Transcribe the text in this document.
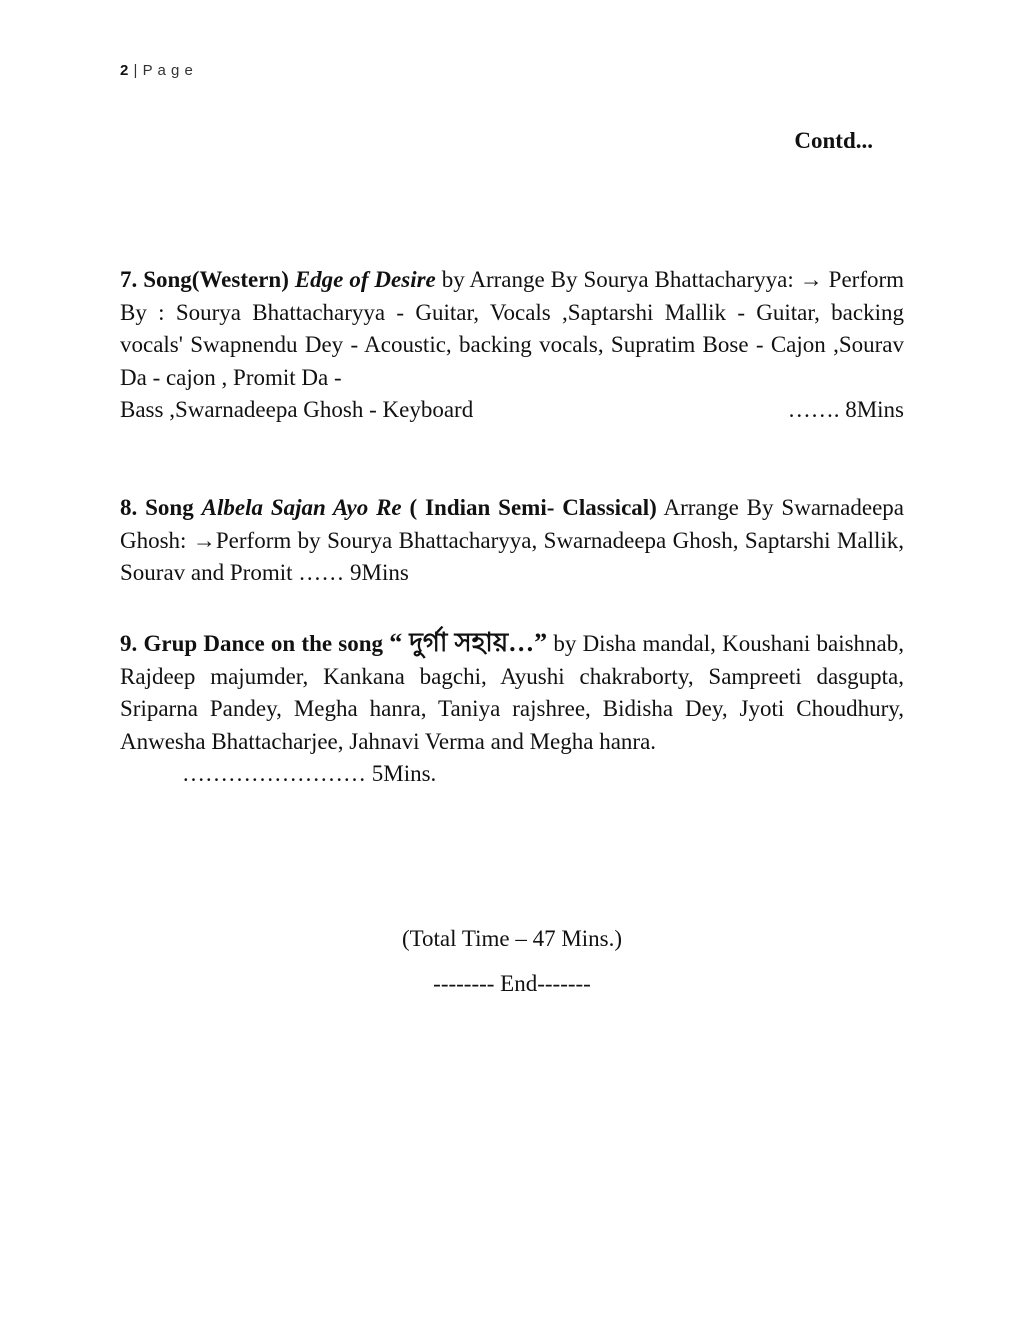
2 | P a g e
Contd...
7. Song(Western) Edge of Desire by Arrange By Sourya Bhattacharyya: → Perform By : Sourya Bhattacharyya - Guitar, Vocals ,Saptarshi Mallik - Guitar, backing vocals' Swapnendu Dey - Acoustic, backing vocals, Supratim Bose - Cajon ,Sourav Da - cajon , Promit Da -
Bass ,Swarnadeepa Ghosh - Keyboard	……. 8Mins
8. Song Albela Sajan Ayo Re ( Indian Semi- Classical) Arrange By Swarnadeepa Ghosh: →Perform by Sourya Bhattacharyya, Swarnadeepa Ghosh, Saptarshi Mallik, Sourav and Promit …… 9Mins
9. Grup Dance on the song “ দুর্গা সহায়…” by Disha mandal, Koushani baishnab, Rajdeep majumder, Kankana bagchi, Ayushi chakraborty, Sampreeti dasgupta, Sriparna Pandey, Megha hanra, Taniya rajshree, Bidisha Dey, Jyoti Choudhury, Anwesha Bhattacharjee, Jahnavi Verma and Megha hanra.
…………………… 5Mins.
(Total Time – 47 Mins.)
-------- End-------
